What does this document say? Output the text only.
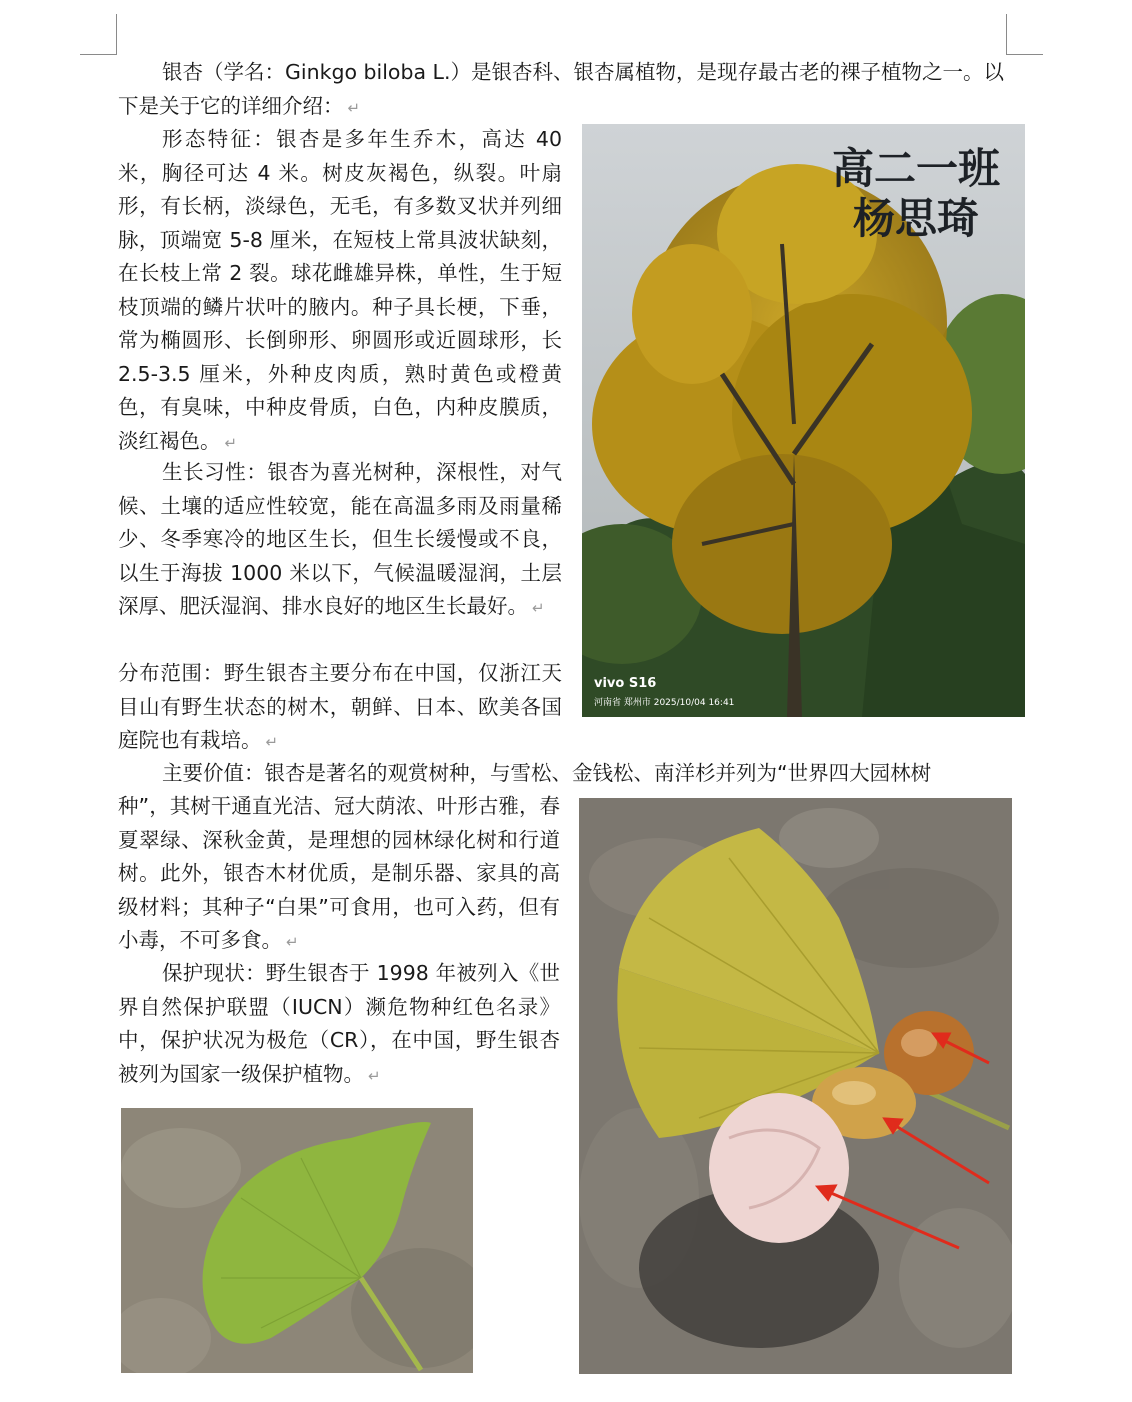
银杏（学名：Ginkgo biloba L.）是银杏科、银杏属植物，是现存最古老的裸子植物之一。以下是关于它的详细介绍： ↵

形态特征：银杏是多年生乔木，高达 40 米，胸径可达 4 米。树皮灰褐色，纵裂。叶扇形，有长柄，淡绿色，无毛，有多数叉状并列细脉，顶端宽 5-8 厘米，在短枝上常具波状缺刻，在长枝上常 2 裂。球花雌雄异株，单性，生于短枝顶端的鳞片状叶的腋内。种子具长梗，下垂，常为椭圆形、长倒卵形、卵圆形或近圆球形，长 2.5-3.5 厘米，外种皮肉质，熟时黄色或橙黄色，有臭味，中种皮骨质，白色，内种皮膜质，淡红褐色。 ↵

生长习性：银杏为喜光树种，深根性，对气候、土壤的适应性较宽，能在高温多雨及雨量稀少、冬季寒冷的地区生长，但生长缓慢或不良，以生于海拔 1000 米以下，气候温暖湿润，土层深厚、肥沃湿润、排水良好的地区生长最好。 ↵

分布范围：野生银杏主要分布在中国，仅浙江天目山有野生状态的树木，朝鲜、日本、欧美各国庭院也有栽培。 ↵

主要价值：银杏是著名的观赏树种，与雪松、金钱松、南洋杉并列为“世界四大园林树

种”，其树干通直光洁、冠大荫浓、叶形古雅，春夏翠绿、深秋金黄，是理想的园林绿化树和行道树。此外，银杏木材优质，是制乐器、家具的高级材料；其种子“白果”可食用，也可入药，但有小毒，不可多食。 ↵

保护现状：野生银杏于 1998 年被列入《世界自然保护联盟（IUCN）濒危物种红色名录》中，保护状况为极危（CR），在中国，野生银杏被列为国家一级保护植物。 ↵

高二一班
杨思琦
vivo S16
河南省 郑州市 2025/10/04 16:41
